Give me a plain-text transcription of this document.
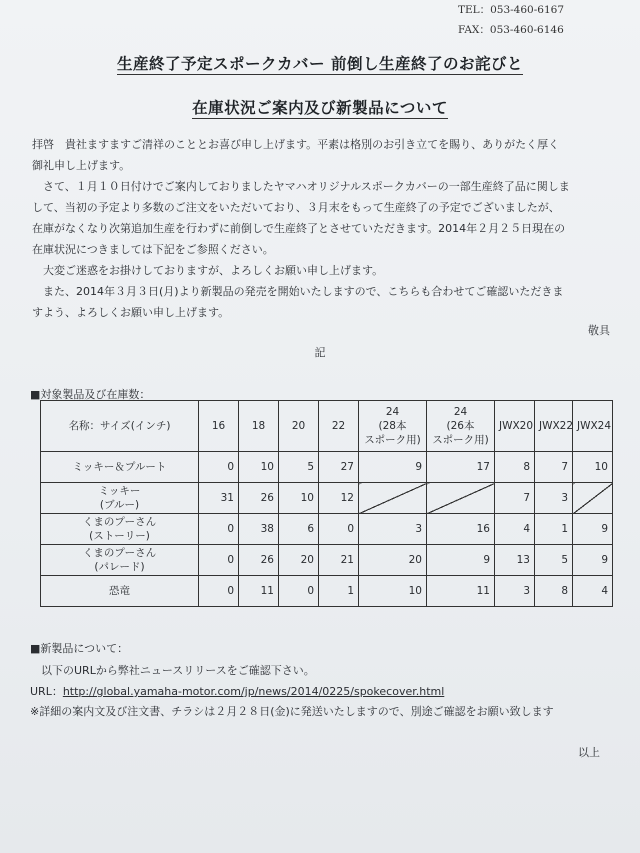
TEL：053-460-6167
FAX：053-460-6146
生産終了予定スポークカバー 前倒し生産終了のお詫びと
在庫状況ご案内及び新製品について
拝啓　貴社ますますご清祥のこととお喜び申し上げます。平素は格別のお引き立てを賜り、ありがたく厚く
御礼申し上げます。
　さて、１月１０日付けでご案内しておりましたヤマハオリジナルスポークカバーの一部生産終了品に関しま
して、当初の予定より多数のご注文をいただいており、３月末をもって生産終了の予定でございましたが、
在庫がなくなり次第追加生産を行わずに前倒しで生産終了とさせていただきます。2014年２月２５日現在の
在庫状況につきましては下記をご参照ください。
　大変ご迷惑をお掛けしておりますが、よろしくお願い申し上げます。
　また、2014年３月３日(月)より新製品の発売を開始いたしますので、こちらも合わせてご確認いただきま
すよう、よろしくお願い申し上げます。
敬具
記
■対象製品及び在庫数：
名称：サイズ(インチ)	16	18	20	22	24
(28本
スポーク用)	24
(26本
スポーク用)	JWX20	JWX22	JWX24
ミッキー＆プルート	0	10	5	27	9	17	8	7	10
ミッキー
(ブルー)	31	26	10	12			7	3	
くまのプーさん
(ストーリー)	0	38	6	0	3	16	4	1	9
くまのプーさん
(パレード)	0	26	20	21	20	9	13	5	9
恐竜	0	11	0	1	10	11	3	8	4
■新製品について：
　以下のURLから弊社ニュースリリースをご確認下さい。
URL：http://global.yamaha-motor.com/jp/news/2014/0225/spokecover.html
※詳細の案内文及び注文書、チラシは２月２８日(金)に発送いたしますので、別途ご確認をお願い致します
以上
